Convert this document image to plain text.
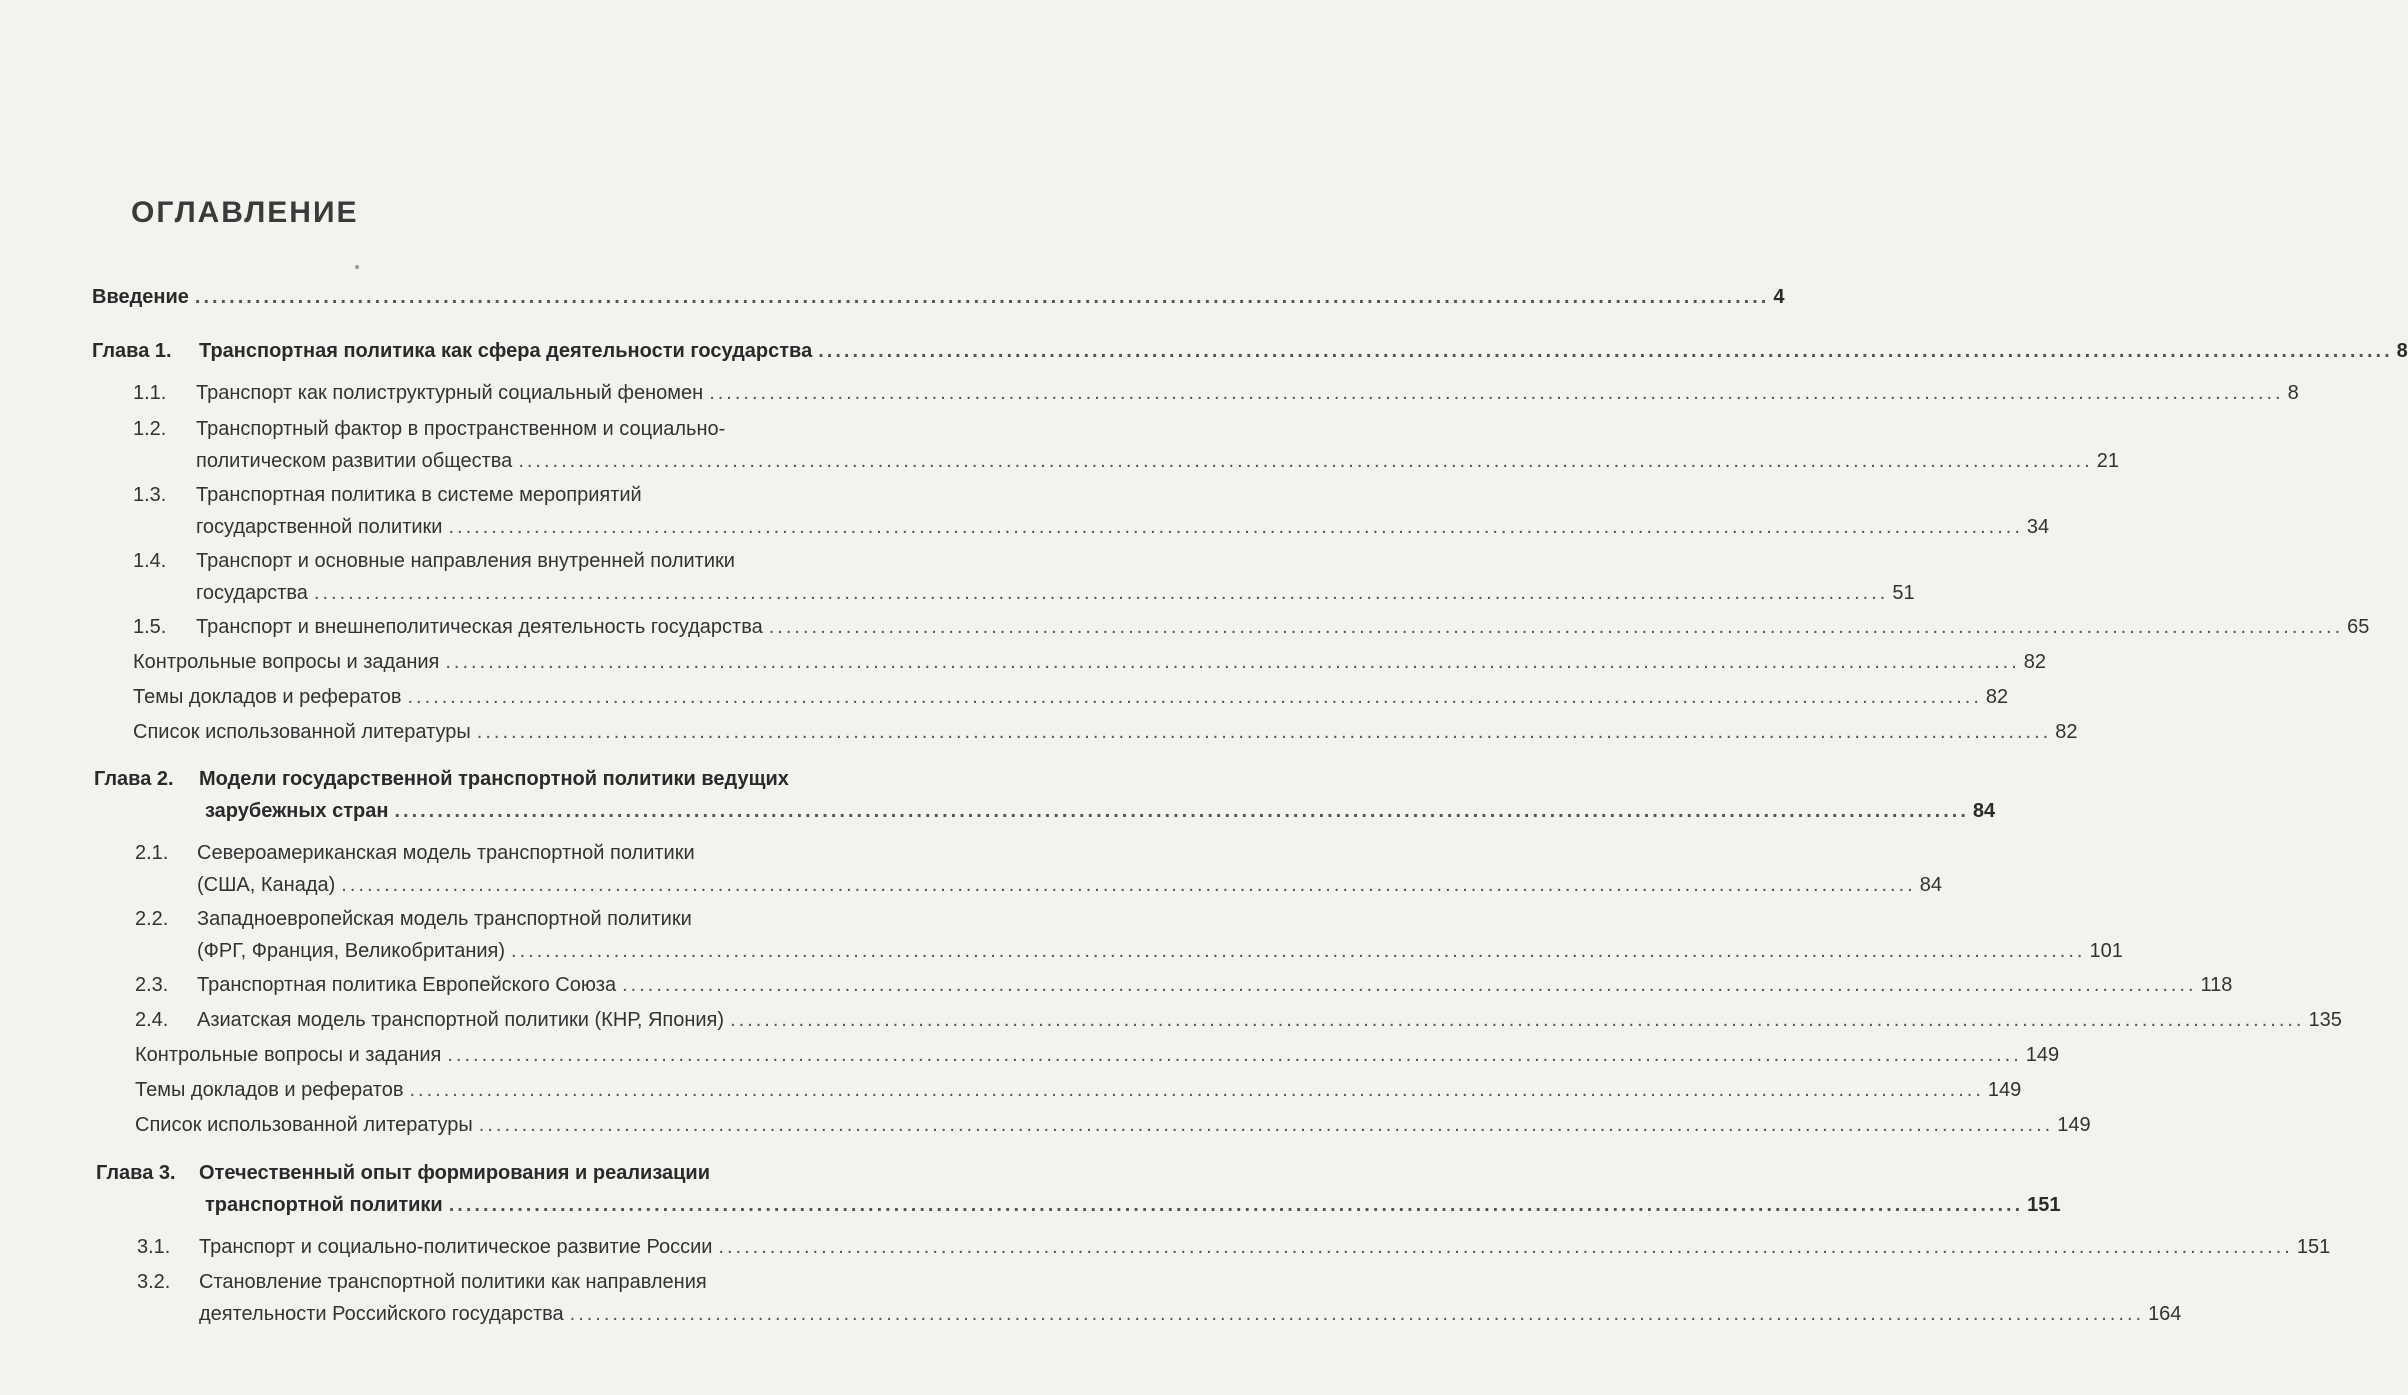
ОГЛАВЛЕНИЕ
Введение ........................................................................................................................................................................................ 4
Глава 1. Транспортная политика как сфера деятельности государства ........................................................................................................................................................................................ 8
1.1. Транспорт как полиструктурный социальный феномен ........................................................................................................................................................................................ 8
1.2. Транспортный фактор в пространственном и социально-
политическом развитии общества ........................................................................................................................................................................................ 21
1.3. Транспортная политика в системе мероприятий
государственной политики ........................................................................................................................................................................................ 34
1.4. Транспорт и основные направления внутренней политики
государства ........................................................................................................................................................................................ 51
1.5. Транспорт и внешнеполитическая деятельность государства ........................................................................................................................................................................................ 65
Контрольные вопросы и задания ........................................................................................................................................................................................ 82
Темы докладов и рефератов ........................................................................................................................................................................................ 82
Список использованной литературы ........................................................................................................................................................................................ 82
Глава 2. Модели государственной транспортной политики ведущих
зарубежных стран ........................................................................................................................................................................................ 84
2.1. Североамериканская модель транспортной политики
(США, Канада) ........................................................................................................................................................................................ 84
2.2. Западноевропейская модель транспортной политики
(ФРГ, Франция, Великобритания) ........................................................................................................................................................................................ 101
2.3. Транспортная политика Европейского Союза ........................................................................................................................................................................................ 118
2.4. Азиатская модель транспортной политики (КНР, Япония) ........................................................................................................................................................................................ 135
Контрольные вопросы и задания ........................................................................................................................................................................................ 149
Темы докладов и рефератов ........................................................................................................................................................................................ 149
Список использованной литературы ........................................................................................................................................................................................ 149
Глава 3. Отечественный опыт формирования и реализации
транспортной политики ........................................................................................................................................................................................ 151
3.1. Транспорт и социально-политическое развитие России ........................................................................................................................................................................................ 151
3.2. Становление транспортной политики как направления
деятельности Российского государства ........................................................................................................................................................................................ 164
